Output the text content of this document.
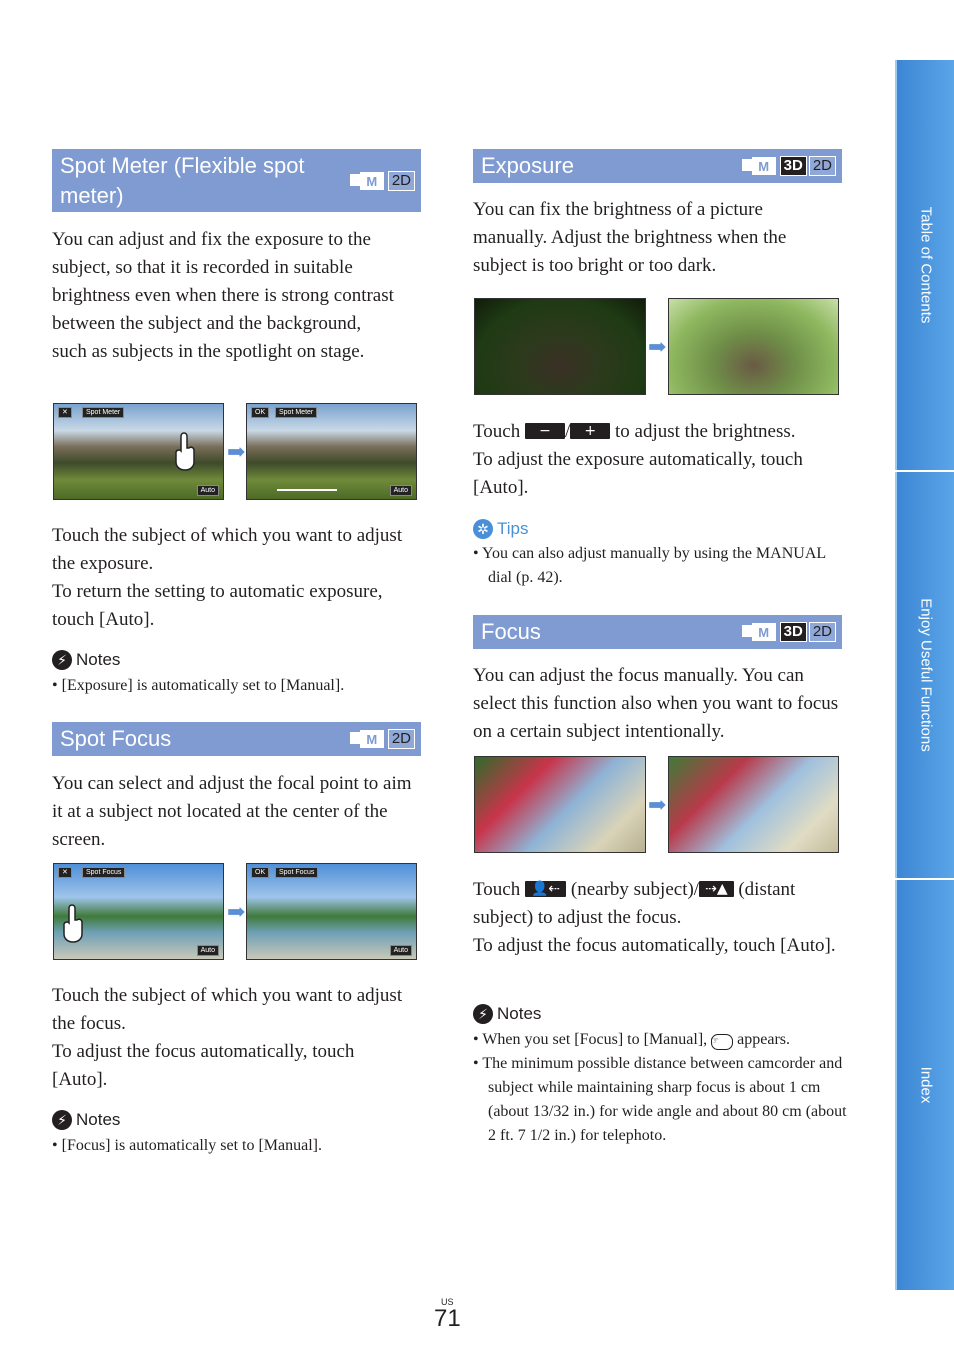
Table of Contents
Enjoy Useful Functions
Index
Spot Meter (Flexible spot meter)
M 2D
You can adjust and fix the exposure to the subject, so that it is recorded in suitable brightness even when there is strong contrast between the subject and the background, such as subjects in the spotlight on stage.
✕	Spot Meter
Auto
➡
OK	Spot Meter
Auto
Touch the subject of which you want to adjust the exposure.
To return the setting to automatic exposure, touch [Auto].
⚡ Notes
• [Exposure] is automatically set to [Manual].
Spot Focus	M 2D
You can select and adjust the focal point to aim it at a subject not located at the center of the screen.
✕	Spot Focus
Auto
➡
OK	Spot Focus
Auto
Touch the subject of which you want to adjust the focus.
To adjust the focus automatically, touch [Auto].
⚡ Notes
• [Focus] is automatically set to [Manual].
Exposure	M 3D 2D
You can fix the brightness of a picture manually. Adjust the brightness when the subject is too bright or too dark.
➡
Touch − / + to adjust the brightness.
To adjust the exposure automatically, touch [Auto].
✲ Tips
• You can also adjust manually by using the MANUAL dial (p. 42).
Focus	M 3D 2D
You can adjust the focus manually. You can select this function also when you want to focus on a certain subject intentionally.
➡
Touch 👤⇠ (nearby subject)/ ⇢▲ (distant subject) to adjust the focus.
To adjust the focus automatically, touch [Auto].
⚡ Notes
• When you set [Focus] to [Manual], ☞ appears.
• The minimum possible distance between camcorder and subject while maintaining sharp focus is about 1 cm (about 13/32 in.) for wide angle and about 80 cm (about 2 ft. 7 1/2 in.) for telephoto.
US
71
